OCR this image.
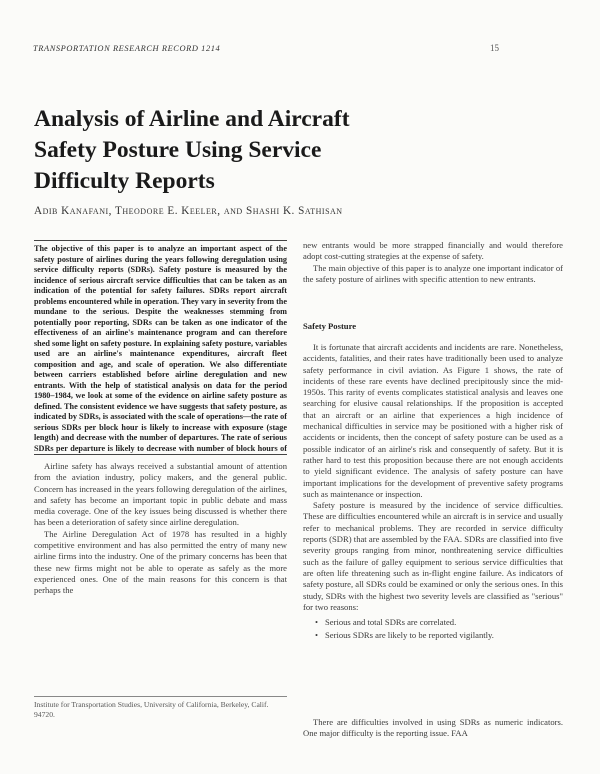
TRANSPORTATION RESEARCH RECORD 1214	15
Analysis of Airline and Aircraft
Safety Posture Using Service
Difficulty Reports
Adib Kanafani, Theodore E. Keeler, and Shashi K. Sathisan
The objective of this paper is to analyze an important aspect of the safety posture of airlines during the years following deregulation using service difficulty reports (SDRs). Safety posture is measured by the incidence of serious aircraft service difficulties that can be taken as an indication of the potential for safety failures. SDRs report aircraft problems encountered while in operation. They vary in severity from the mundane to the serious. Despite the weaknesses stemming from potentially poor reporting, SDRs can be taken as one indicator of the effectiveness of an airline's maintenance program and can therefore shed some light on safety posture. In explaining safety posture, variables used are an airline's maintenance expenditures, aircraft fleet composition and age, and scale of operation. We also differentiate between carriers established before airline deregulation and new entrants. With the help of statistical analysis on data for the period 1980–1984, we look at some of the evidence on airline safety posture as defined. The consistent evidence we have suggests that safety posture, as indicated by SDRs, is associated with the scale of operations—the rate of serious SDRs per block hour is likely to increase with exposure (stage length) and decrease with the number of departures. The rate of serious SDRs per departure is likely to decrease with number of block hours of

Airline safety has always received a substantial amount of attention from the aviation industry, policy makers, and the general public. Concern has increased in the years following deregulation of the airlines, and safety has become an important topic in public debate and mass media coverage. One of the key issues being discussed is whether there has been a deterioration of safety since airline deregulation.

The Airline Deregulation Act of 1978 has resulted in a highly competitive environment and has also permitted the entry of many new airline firms into the industry. One of the primary concerns has been that these new firms might not be able to operate as safely as the more experienced ones. One of the main reasons for this concern is that perhaps the

Institute for Transportation Studies, University of California, Berkeley, Calif. 94720.

new entrants would be more strapped financially and would therefore adopt cost-cutting strategies at the expense of safety.

The main objective of this paper is to analyze one important indicator of the safety posture of airlines with specific attention to new entrants.

Safety Posture

It is fortunate that aircraft accidents and incidents are rare. Nonetheless, accidents, fatalities, and their rates have traditionally been used to analyze safety performance in civil aviation. As Figure 1 shows, the rate of incidents of these rare events have declined precipitously since the mid-1950s. This rarity of events complicates statistical analysis and leaves one searching for elusive causal relationships. If the proposition is accepted that an aircraft or an airline that experiences a high incidence of mechanical difficulties in service may be positioned with a higher risk of accidents or incidents, then the concept of safety posture can be used as a possible indicator of an airline's risk and consequently of safety. But it is rather hard to test this proposition because there are not enough accidents to yield significant evidence. The analysis of safety posture can have important implications for the development of preventive safety programs such as maintenance or inspection.

Safety posture is measured by the incidence of service difficulties. These are difficulties encountered while an aircraft is in service and usually refer to mechanical problems. They are recorded in service difficulty reports (SDR) that are assembled by the FAA. SDRs are classified into five severity groups ranging from minor, nonthreatening service difficulties such as the failure of galley equipment to serious service difficulties that are often life threatening such as in-flight engine failure. As indicators of safety posture, all SDRs could be examined or only the serious ones. In this study, SDRs with the highest two severity levels are classified as "serious" for two reasons:

• Serious and total SDRs are correlated.
• Serious SDRs are likely to be reported vigilantly.

There are difficulties involved in using SDRs as numeric indicators. One major difficulty is the reporting issue. FAA
